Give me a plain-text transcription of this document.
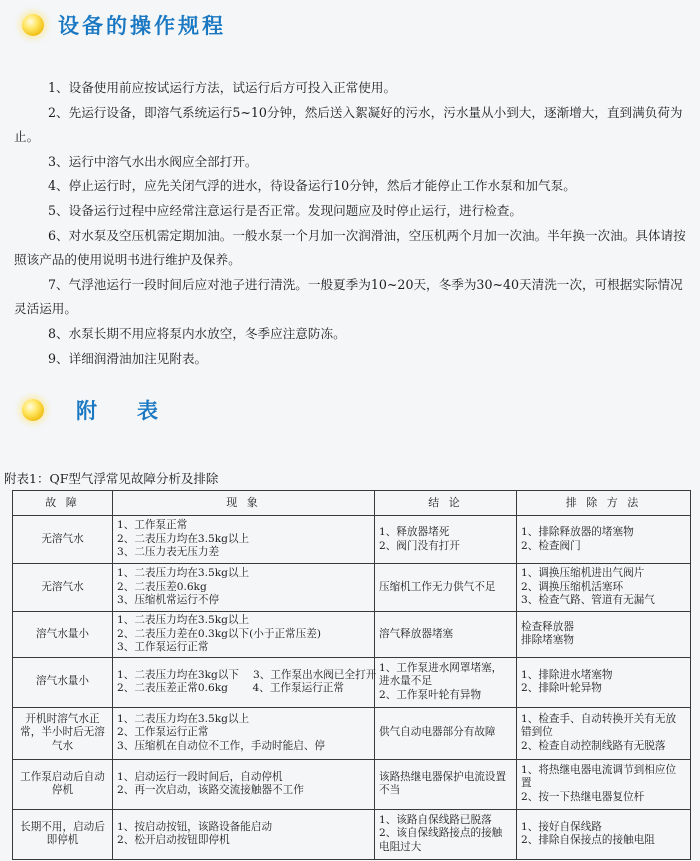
设备的操作规程

1、设备使用前应按试运行方法，试运行后方可投入正常使用。

2、先运行设备，即溶气系统运行5~10分钟，然后送入絮凝好的污水，污水量从小到大，逐渐增大，直到满负荷为止。

3、运行中溶气水出水阀应全部打开。

4、停止运行时，应先关闭气浮的进水，待设备运行10分钟，然后才能停止工作水泵和加气泵。

5、设备运行过程中应经常注意运行是否正常。发现问题应及时停止运行，进行检查。

6、对水泵及空压机需定期加油。一般水泵一个月加一次润滑油，空压机两个月加一次油。半年换一次油。具体请按照该产品的使用说明书进行维护及保养。

7、气浮池运行一段时间后应对池子进行清洗。一般夏季为10~20天，冬季为30~40天清洗一次，可根据实际情况灵活运用。

8、水泵长期不用应将泵内水放空，冬季应注意防冻。

9、详细润滑油加注见附表。

附表
附表1：QF型气浮常见故障分析及排除
故 障	现 象	结 论	排 除 方 法
无溶气水	1、工作泵正常
2、二表压力均在3.5kg以上
3、二压力表无压力差	1、释放器堵死
2、阀门没有打开	1、排除释放器的堵塞物
2、检查阀门

无溶气水	1、二表压力均在3.5kg以上
2、二表压差0.6kg
3、压缩机常运行不停	压缩机工作无力供气不足	1、调换压缩机进出气阀片
2、调换压缩机活塞环
3、检查气路、管道有无漏气

溶气水量小	1、二表压力均在3.5kg以上
2、二表压力差在0.3kg以下(小于正常压差)
3、工作泵运行正常	溶气释放器堵塞	检查释放器
排除堵塞物

溶气水量小	1、二表压力均在3kg以下　 3、工作泵出水阀已全打开
2、二表压差正常0.6kg　　 4、工作泵运行正常	1、工作泵进水网罩堵塞，进水量不足
2、工作泵叶轮有异物	1、排除进水堵塞物
2、排除叶轮异物

开机时溶气水正常，半小时后无溶气水	1、二表压力均在3.5kg以上
2、工作泵运行正常
3、压缩机在自动位不工作，手动时能启、停	供气自动电器部分有故障	1、检查手、自动转换开关有无放错到位
2、检查自动控制线路有无脱落

工作泵启动后自动停机	1、启动运行一段时间后，自动停机
2、再一次启动，该路交流接触器不工作	该路热继电器保护电流设置不当	1、将热继电器电流调节到相应位置
2、按一下热继电器复位杆

长期不用，启动后即停机	1、按启动按钮，该路设备能启动
2、松开启动按钮即停机	1、该路自保线路已脱落
2、该自保线路接点的接触电阻过大	1、接好自保线路
2、排除自保接点的接触电阻
